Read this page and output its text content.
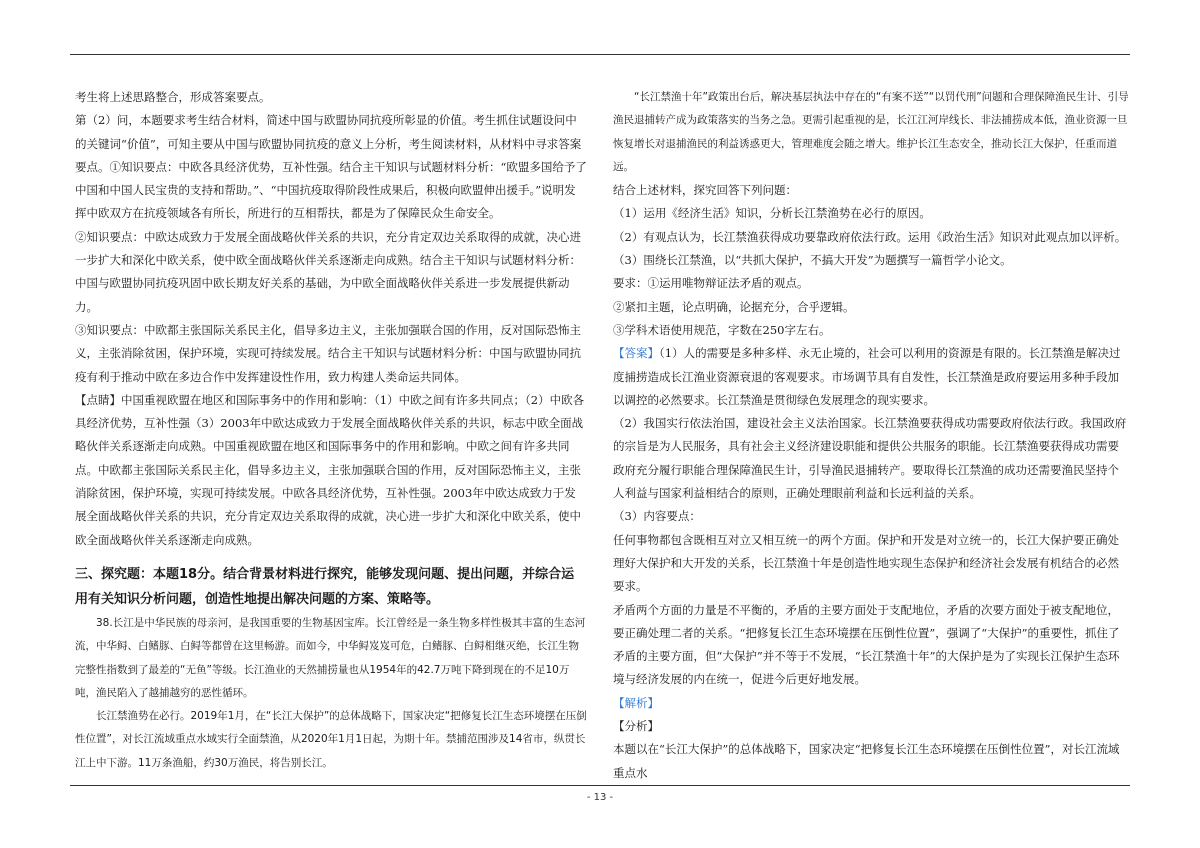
考生将上述思路整合，形成答案要点。

第（2）问，本题要求考生结合材料，简述中国与欧盟协同抗疫所彰显的价值。考生抓住试题设问中的关键词“价值”，可知主要从中国与欧盟协同抗疫的意义上分析，考生阅读材料，从材料中寻求答案要点。①知识要点：中欧各具经济优势，互补性强。结合主干知识与试题材料分析：“欧盟多国给予了中国和中国人民宝贵的支持和帮助。”、“中国抗疫取得阶段性成果后，积极向欧盟伸出援手。”说明发挥中欧双方在抗疫领域各有所长，所进行的互相帮扶，都是为了保障民众生命安全。

②知识要点：中欧达成致力于发展全面战略伙伴关系的共识，充分肯定双边关系取得的成就，决心进一步扩大和深化中欧关系，使中欧全面战略伙伴关系逐渐走向成熟。结合主干知识与试题材料分析：中国与欧盟协同抗疫巩固中欧长期友好关系的基础，为中欧全面战略伙伴关系进一步发展提供新动力。

③知识要点：中欧都主张国际关系民主化，倡导多边主义，主张加强联合国的作用，反对国际恐怖主义，主张消除贫困，保护环境，实现可持续发展。结合主干知识与试题材料分析：中国与欧盟协同抗疫有利于推动中欧在多边合作中发挥建设性作用，致力构建人类命运共同体。

【点睛】中国重视欧盟在地区和国际事务中的作用和影响：（1）中欧之间有许多共同点；（2）中欧各具经济优势，互补性强（3）2003年中欧达成致力于发展全面战略伙伴关系的共识，标志中欧全面战略伙伴关系逐渐走向成熟。中国重视欧盟在地区和国际事务中的作用和影响。中欧之间有许多共同点。中欧都主张国际关系民主化，倡导多边主义，主张加强联合国的作用，反对国际恐怖主义，主张消除贫困，保护环境，实现可持续发展。中欧各具经济优势，互补性强。2003年中欧达成致力于发展全面战略伙伴关系的共识，充分肯定双边关系取得的成就，决心进一步扩大和深化中欧关系，使中欧全面战略伙伴关系逐渐走向成熟。

三、探究题：本题18分。结合背景材料进行探究，能够发现问题、提出问题，并综合运用有关知识分析问题，创造性地提出解决问题的方案、策略等。

38.长江是中华民族的母亲河，是我国重要的生物基因宝库。长江曾经是一条生物多样性极其丰富的生态河流，中华鲟、白鳍豚、白鲟等都曾在这里畅游。而如今，中华鲟岌岌可危，白鳍豚、白鲟相继灭绝，长江生物完整性指数到了最差的“无鱼”等级。长江渔业的天然捕捞量也从1954年的42.7万吨下降到现在的不足10万吨，渔民陷入了越捕越穷的恶性循环。

长江禁渔势在必行。2019年1月，在“长江大保护”的总体战略下，国家决定“把修复长江生态环境摆在压倒性位置”，对长江流域重点水域实行全面禁渔，从2020年1月1日起，为期十年。禁捕范围涉及14省市，纵贯长江上中下游。11万条渔船，约30万渔民，将告别长江。

“长江禁渔十年”政策出台后，解决基层执法中存在的“有案不送”“以罚代刑”问题和合理保障渔民生计、引导渔民退捕转产成为政策落实的当务之急。更需引起重视的是，长江江河岸线长、非法捕捞成本低，渔业资源一旦恢复增长对退捕渔民的利益诱惑更大，管理难度会随之增大。维护长江生态安全，推动长江大保护，任重而道远。

结合上述材料，探究回答下列问题：

（1）运用《经济生活》知识，分析长江禁渔势在必行的原因。

（2）有观点认为，长江禁渔获得成功要靠政府依法行政。运用《政治生活》知识对此观点加以评析。

（3）围绕长江禁渔，以“共抓大保护，不搞大开发”为题撰写一篇哲学小论文。

要求：①运用唯物辩证法矛盾的观点。

②紧扣主题，论点明确，论据充分，合乎逻辑。

③学科术语使用规范，字数在250字左右。

【答案】（1）人的需要是多种多样、永无止境的，社会可以利用的资源是有限的。长江禁渔是解决过度捕捞造成长江渔业资源衰退的客观要求。市场调节具有自发性，长江禁渔是政府要运用多种手段加以调控的必然要求。长江禁渔是贯彻绿色发展理念的现实要求。

（2）我国实行依法治国，建设社会主义法治国家。长江禁渔要获得成功需要政府依法行政。我国政府的宗旨是为人民服务，具有社会主义经济建设职能和提供公共服务的职能。长江禁渔要获得成功需要政府充分履行职能合理保障渔民生计，引导渔民退捕转产。要取得长江禁渔的成功还需要渔民坚持个人利益与国家利益相结合的原则，正确处理眼前利益和长远利益的关系。

（3）内容要点：

任何事物都包含既相互对立又相互统一的两个方面。保护和开发是对立统一的，长江大保护要正确处理好大保护和大开发的关系，长江禁渔十年是创造性地实现生态保护和经济社会发展有机结合的必然要求。

矛盾两个方面的力量是不平衡的，矛盾的主要方面处于支配地位，矛盾的次要方面处于被支配地位，要正确处理二者的关系。“把修复长江生态环境摆在压倒性位置”，强调了“大保护”的重要性，抓住了矛盾的主要方面，但“大保护”并不等于不发展，“长江禁渔十年”的大保护是为了实现长江保护生态环境与经济发展的内在统一，促进今后更好地发展。

【解析】

【分析】

本题以在“长江大保护”的总体战略下，国家决定“把修复长江生态环境摆在压倒性位置”，对长江流域重点水

- 13 -
